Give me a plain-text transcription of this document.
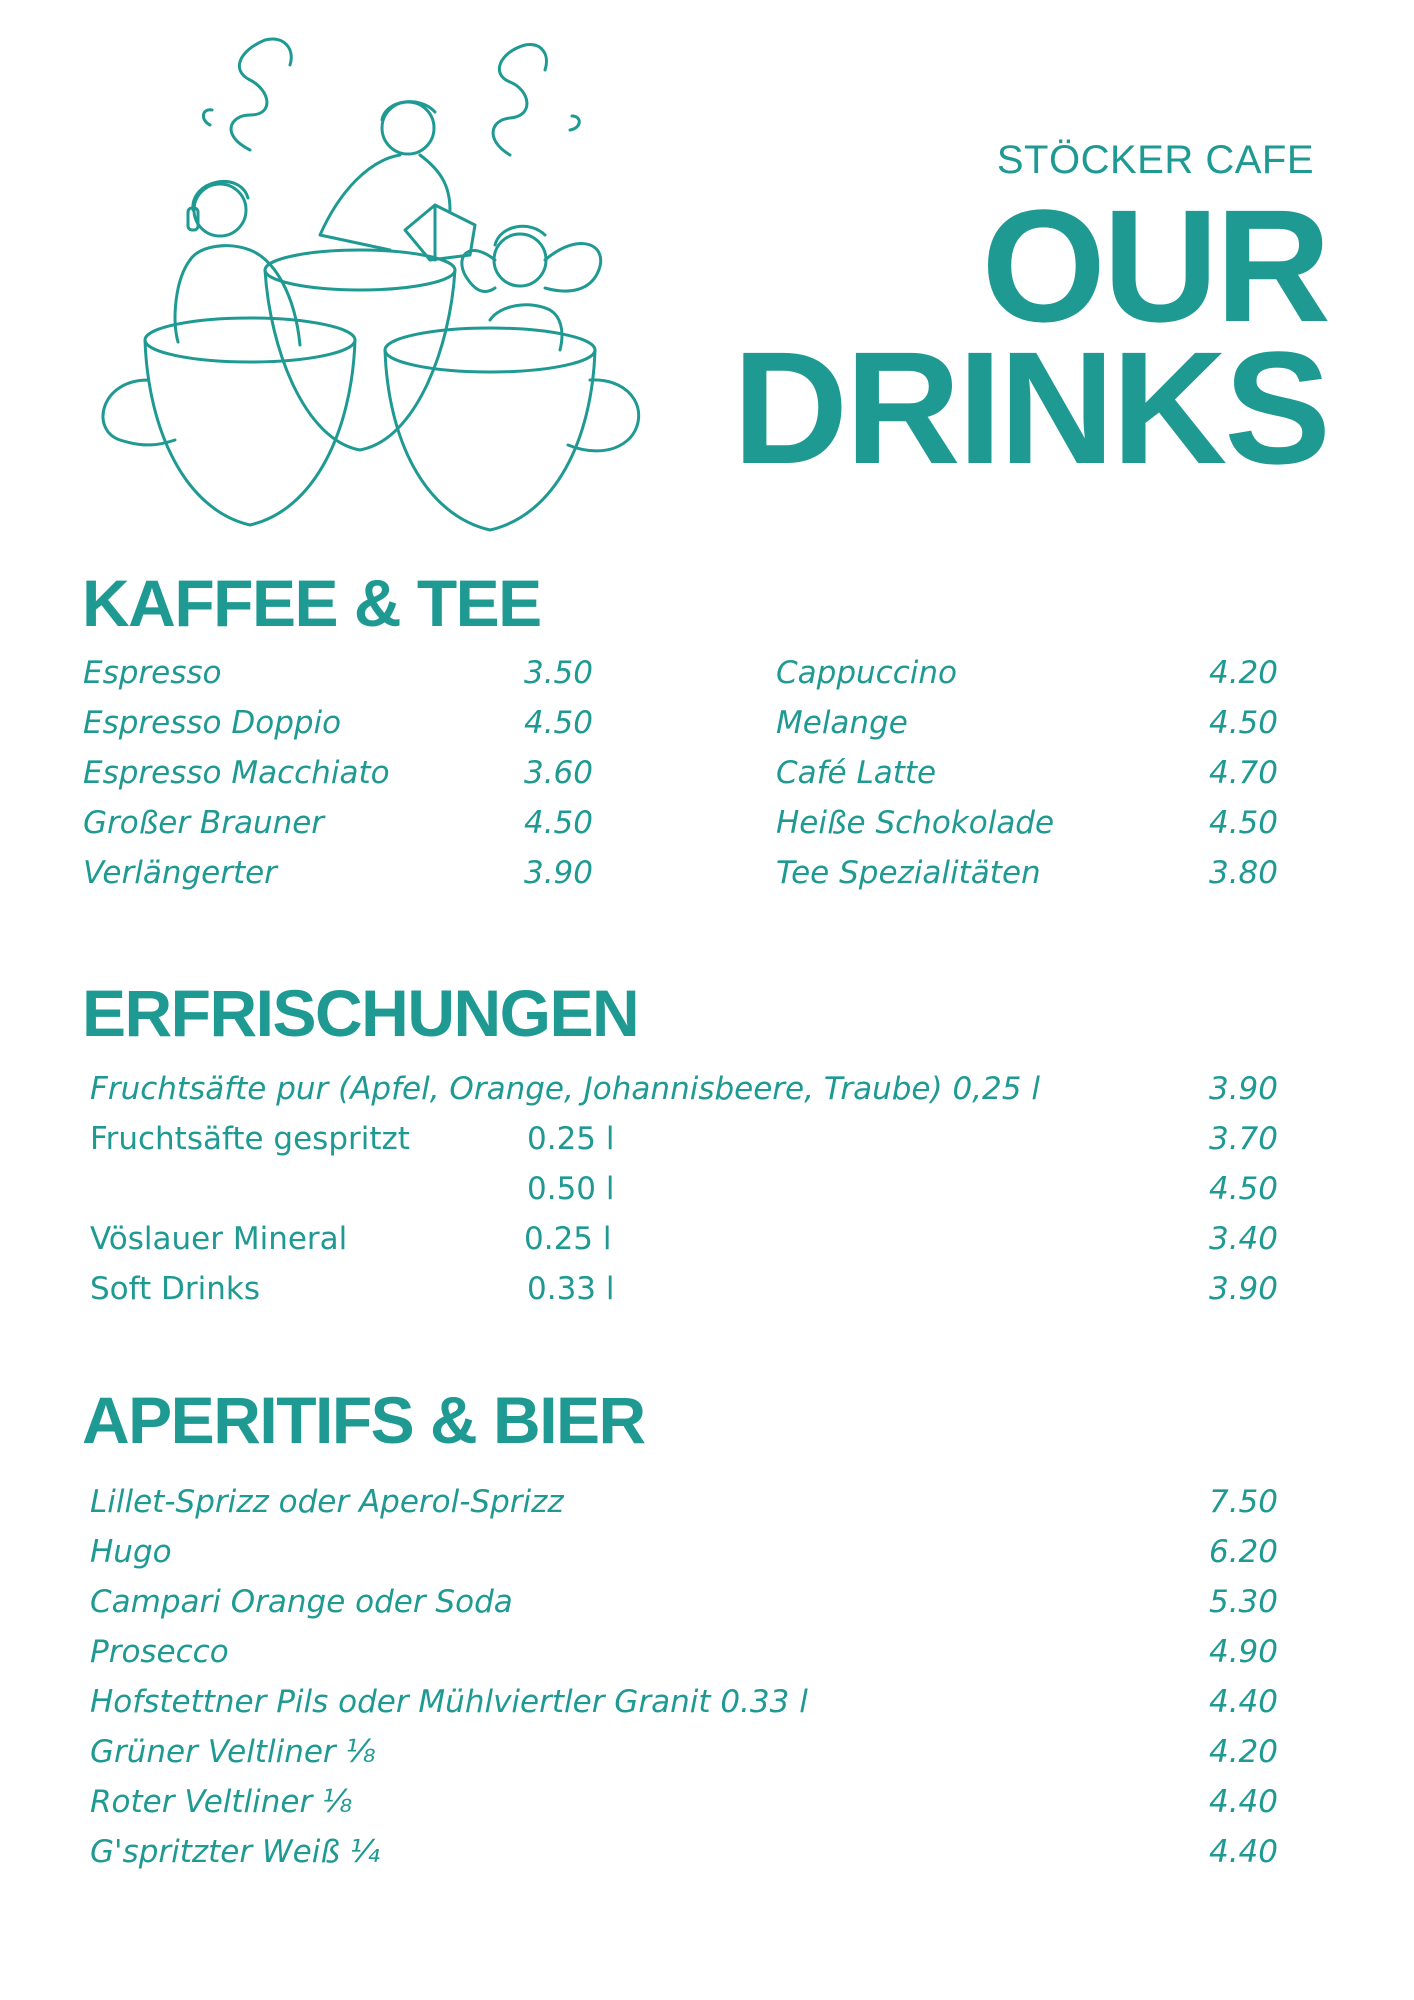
STÖCKER CAFE
OUR
DRINKS
KAFFEE & TEE
Espresso	3.50
Espresso Doppio	4.50
Espresso Macchiato	3.60
Großer Brauner	4.50
Verlängerter	3.90
Cappuccino	4.20
Melange	4.50
Café Latte	4.70
Heiße Schokolade	4.50
Tee Spezialitäten	3.80
ERFRISCHUNGEN
Fruchtsäfte pur (Apfel, Orange, Johannisbeere, Traube) 0,25 l	3.90
Fruchtsäfte gespritzt	0.25 l	3.70
0.50 l	4.50
Vöslauer Mineral	0.25 l	3.40
Soft Drinks	0.33 l	3.90
APERITIFS & BIER
Lillet-Sprizz oder Aperol-Sprizz	7.50
Hugo	6.20
Campari Orange oder Soda	5.30
Prosecco	4.90
Hofstettner Pils oder Mühlviertler Granit 0.33 l	4.40
Grüner Veltliner ⅛	4.20
Roter Veltliner ⅛	4.40
G'spritzter Weiß ¼	4.40
